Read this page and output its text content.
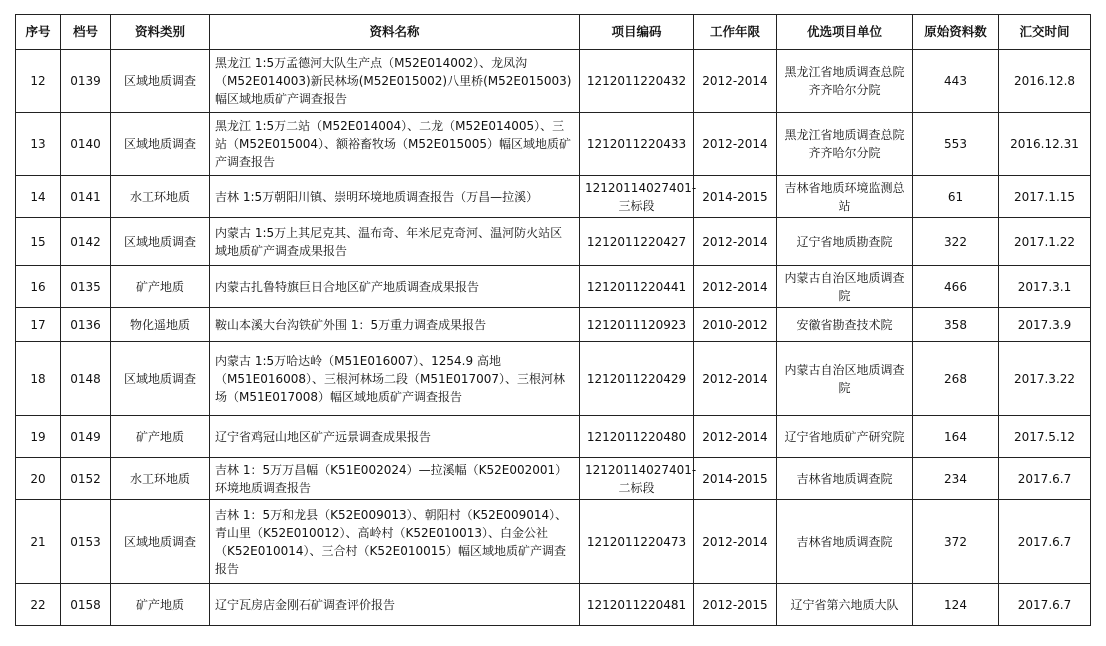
序号	档号	资料类别	资料名称	项目编码	工作年限	优选项目单位	原始资料数	汇交时间
12	0139	区域地质调查	黑龙江 1:5万孟德河大队生产点（M52E014002）、龙凤沟（M52E014003)新民林场(M52E015002)八里桥(M52E015003)幅区域地质矿产调查报告	1212011220432	2012-2014	黑龙江省地质调查总院齐齐哈尔分院	443	2016.12.8
13	0140	区域地质调查	黑龙江 1:5万二站（M52E014004）、二龙（M52E014005）、三站（M52E015004）、额裕畜牧场（M52E015005）幅区域地质矿产调查报告	1212011220433	2012-2014	黑龙江省地质调查总院齐齐哈尔分院	553	2016.12.31
14	0141	水工环地质	吉林 1:5万朝阳川镇、崇明环境地质调查报告（万昌—拉溪）	12120114027401-三标段	2014-2015	吉林省地质环境监测总站	61	2017.1.15
15	0142	区域地质调查	内蒙古 1:5万上其尼克其、温布奇、年米尼克奇河、温河防火站区域地质矿产调查成果报告	1212011220427	2012-2014	辽宁省地质勘查院	322	2017.1.22
16	0135	矿产地质	内蒙古扎鲁特旗巨日合地区矿产地质调查成果报告	1212011220441	2012-2014	内蒙古自治区地质调查院	466	2017.3.1
17	0136	物化遥地质	鞍山本溪大台沟铁矿外围 1：5万重力调查成果报告	1212011120923	2010-2012	安徽省勘查技术院	358	2017.3.9
18	0148	区域地质调查	内蒙古 1:5万哈达岭（M51E016007）、1254.9 高地（M51E016008）、三根河林场二段（M51E017007）、三根河林场（M51E017008）幅区域地质矿产调查报告	1212011220429	2012-2014	内蒙古自治区地质调查院	268	2017.3.22
19	0149	矿产地质	辽宁省鸡冠山地区矿产远景调查成果报告	1212011220480	2012-2014	辽宁省地质矿产研究院	164	2017.5.12
20	0152	水工环地质	吉林 1：5万万昌幅（K51E002024）—拉溪幅（K52E002001）环境地质调查报告	12120114027401-二标段	2014-2015	吉林省地质调查院	234	2017.6.7
21	0153	区域地质调查	吉林 1：5万和龙县（K52E009013）、朝阳村（K52E009014）、青山里（K52E010012）、高岭村（K52E010013）、白金公社（K52E010014）、三合村（K52E010015）幅区域地质矿产调查报告	1212011220473	2012-2014	吉林省地质调查院	372	2017.6.7
22	0158	矿产地质	辽宁瓦房店金刚石矿调查评价报告	1212011220481	2012-2015	辽宁省第六地质大队	124	2017.6.7
